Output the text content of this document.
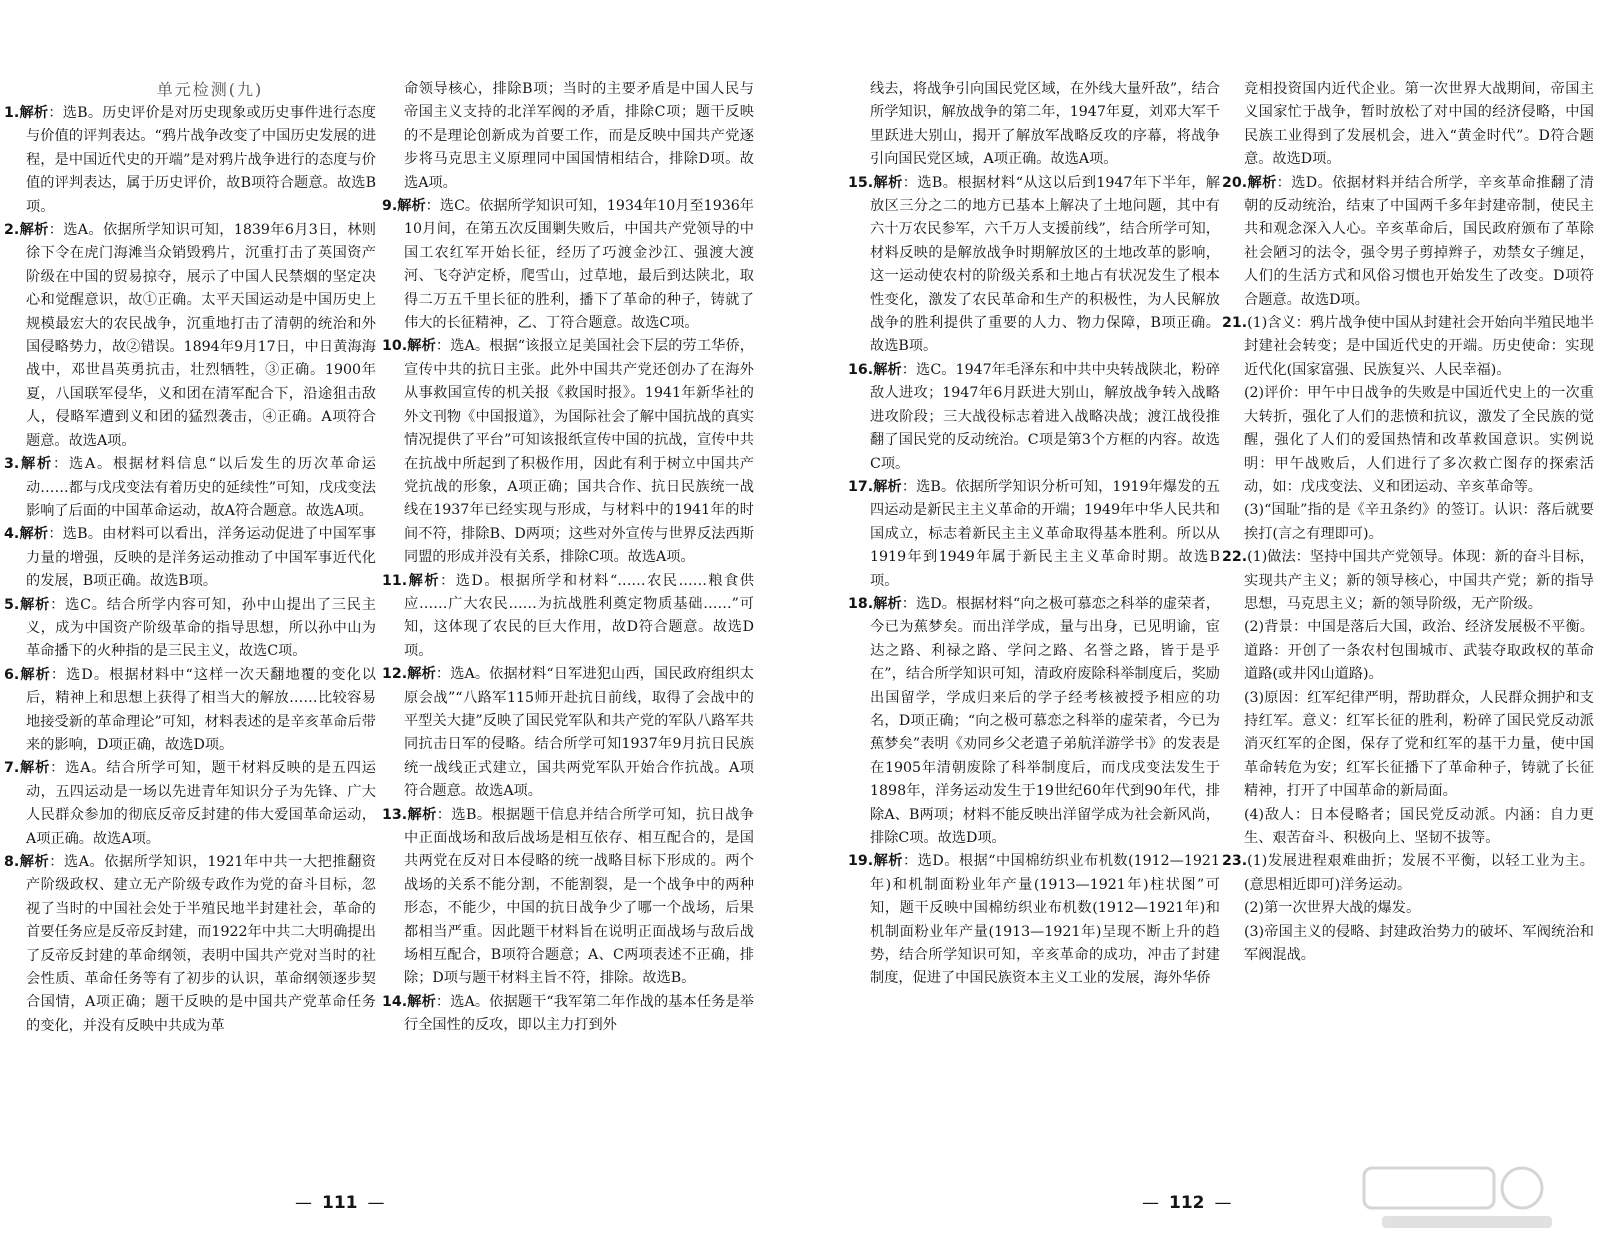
单元检测(九)

1.解析：选B。历史评价是对历史现象或历史事件进行态度与价值的评判表达。“鸦片战争改变了中国历史发展的进程，是中国近代史的开端”是对鸦片战争进行的态度与价值的评判表达，属于历史评价，故B项符合题意。故选B项。

2.解析：选A。依据所学知识可知，1839年6月3日，林则徐下令在虎门海滩当众销毁鸦片，沉重打击了英国资产阶级在中国的贸易掠夺，展示了中国人民禁烟的坚定决心和觉醒意识，故①正确。太平天国运动是中国历史上规模最宏大的农民战争，沉重地打击了清朝的统治和外国侵略势力，故②错误。1894年9月17日，中日黄海海战中，邓世昌英勇抗击，壮烈牺牲，③正确。1900年夏，八国联军侵华，义和团在清军配合下，沿途狙击敌人，侵略军遭到义和团的猛烈袭击，④正确。A项符合题意。故选A项。

3.解析：选A。根据材料信息“以后发生的历次革命运动……都与戊戌变法有着历史的延续性”可知，戊戌变法影响了后面的中国革命运动，故A符合题意。故选A项。

4.解析：选B。由材料可以看出，洋务运动促进了中国军事力量的增强，反映的是洋务运动推动了中国军事近代化的发展，B项正确。故选B项。

5.解析：选C。结合所学内容可知，孙中山提出了三民主义，成为中国资产阶级革命的指导思想，所以孙中山为革命播下的火种指的是三民主义，故选C项。

6.解析：选D。根据材料中“这样一次天翻地覆的变化以后，精神上和思想上获得了相当大的解放……比较容易地接受新的革命理论”可知，材料表述的是辛亥革命后带来的影响，D项正确，故选D项。

7.解析：选A。结合所学可知，题干材料反映的是五四运动，五四运动是一场以先进青年知识分子为先锋、广大人民群众参加的彻底反帝反封建的伟大爱国革命运动，A项正确。故选A项。

8.解析：选A。依据所学知识，1921年中共一大把推翻资产阶级政权、建立无产阶级专政作为党的奋斗目标，忽视了当时的中国社会处于半殖民地半封建社会，革命的首要任务应是反帝反封建，而1922年中共二大明确提出了反帝反封建的革命纲领，表明中国共产党对当时的社会性质、革命任务等有了初步的认识，革命纲领逐步契合国情，A项正确；题干反映的是中国共产党革命任务的变化，并没有反映中共成为革

命领导核心，排除B项；当时的主要矛盾是中国人民与帝国主义支持的北洋军阀的矛盾，排除C项；题干反映的不是理论创新成为首要工作，而是反映中国共产党逐步将马克思主义原理同中国国情相结合，排除D项。故选A项。

9.解析：选C。依据所学知识可知，1934年10月至1936年10月间，在第五次反围剿失败后，中国共产党领导的中国工农红军开始长征，经历了巧渡金沙江、强渡大渡河、飞夺泸定桥，爬雪山，过草地，最后到达陕北，取得二万五千里长征的胜利，播下了革命的种子，铸就了伟大的长征精神，乙、丁符合题意。故选C项。

10.解析：选A。根据“该报立足美国社会下层的劳工华侨，宣传中共的抗日主张。此外中国共产党还创办了在海外从事救国宣传的机关报《救国时报》。1941年新华社的外文刊物《中国报道》，为国际社会了解中国抗战的真实情况提供了平台”可知该报纸宣传中国的抗战，宣传中共在抗战中所起到了积极作用，因此有利于树立中国共产党抗战的形象，A项正确；国共合作、抗日民族统一战线在1937年已经实现与形成，与材料中的1941年的时间不符，排除B、D两项；这些对外宣传与世界反法西斯同盟的形成并没有关系，排除C项。故选A项。

11.解析：选D。根据所学和材料“……农民……粮食供应……广大农民……为抗战胜利奠定物质基础……”可知，这体现了农民的巨大作用，故D符合题意。故选D项。

12.解析：选A。依据材料“日军进犯山西，国民政府组织太原会战”“八路军115师开赴抗日前线，取得了会战中的平型关大捷”反映了国民党军队和共产党的军队八路军共同抗击日军的侵略。结合所学可知1937年9月抗日民族统一战线正式建立，国共两党军队开始合作抗战。A项符合题意。故选A项。

13.解析：选B。根据题干信息并结合所学可知，抗日战争中正面战场和敌后战场是相互依存、相互配合的，是国共两党在反对日本侵略的统一战略目标下形成的。两个战场的关系不能分割，不能割裂，是一个战争中的两种形态，不能少，中国的抗日战争少了哪一个战场，后果都相当严重。因此题干材料旨在说明正面战场与敌后战场相互配合，B项符合题意；A、C两项表述不正确，排除；D项与题干材料主旨不符，排除。故选B。

14.解析：选A。依据题干“我军第二年作战的基本任务是举行全国性的反攻，即以主力打到外

线去，将战争引向国民党区域，在外线大量歼敌”，结合所学知识，解放战争的第二年，1947年夏，刘邓大军千里跃进大别山，揭开了解放军战略反攻的序幕，将战争引向国民党区域，A项正确。故选A项。

15.解析：选B。根据材料“从这以后到1947年下半年，解放区三分之二的地方已基本上解决了土地问题，其中有六十万农民参军，六千万人支援前线”，结合所学可知，材料反映的是解放战争时期解放区的土地改革的影响，这一运动使农村的阶级关系和土地占有状况发生了根本性变化，激发了农民革命和生产的积极性，为人民解放战争的胜利提供了重要的人力、物力保障，B项正确。故选B项。

16.解析：选C。1947年毛泽东和中共中央转战陕北，粉碎敌人进攻；1947年6月跃进大别山，解放战争转入战略进攻阶段；三大战役标志着进入战略决战；渡江战役推翻了国民党的反动统治。C项是第3个方框的内容。故选C项。

17.解析：选B。依据所学知识分析可知，1919年爆发的五四运动是新民主主义革命的开端；1949年中华人民共和国成立，标志着新民主主义革命取得基本胜利。所以从1919年到1949年属于新民主主义革命时期。故选B项。

18.解析：选D。根据材料“向之极可慕恋之科举的虚荣者，今已为蕉梦矣。而出洋学成，量与出身，已见明谕，宦达之路、利禄之路、学问之路、名誉之路，皆于是乎在”，结合所学知识可知，清政府废除科举制度后，奖励出国留学，学成归来后的学子经考核被授予相应的功名，D项正确；“向之极可慕恋之科举的虚荣者，今已为蕉梦矣”表明《劝同乡父老遣子弟航洋游学书》的发表是在1905年清朝废除了科举制度后，而戊戌变法发生于1898年，洋务运动发生于19世纪60年代到90年代，排除A、B两项；材料不能反映出洋留学成为社会新风尚，排除C项。故选D项。

19.解析：选D。根据“中国棉纺织业布机数(1912—1921年)和机制面粉业年产量(1913—1921年)柱状图”可知，题干反映中国棉纺织业布机数(1912—1921年)和机制面粉业年产量(1913—1921年)呈现不断上升的趋势，结合所学知识可知，辛亥革命的成功，冲击了封建制度，促进了中国民族资本主义工业的发展，海外华侨

竞相投资国内近代企业。第一次世界大战期间，帝国主义国家忙于战争，暂时放松了对中国的经济侵略，中国民族工业得到了发展机会，进入“黄金时代”。D符合题意。故选D项。

20.解析：选D。依据材料并结合所学，辛亥革命推翻了清朝的反动统治，结束了中国两千多年封建帝制，使民主共和观念深入人心。辛亥革命后，国民政府颁布了革除社会陋习的法令，强令男子剪掉辫子，劝禁女子缠足，人们的生活方式和风俗习惯也开始发生了改变。D项符合题意。故选D项。

21.(1)含义：鸦片战争使中国从封建社会开始向半殖民地半封建社会转变；是中国近代史的开端。历史使命：实现近代化(国家富强、民族复兴、人民幸福)。

(2)评价：甲午中日战争的失败是中国近代史上的一次重大转折，强化了人们的悲愤和抗议，激发了全民族的觉醒，强化了人们的爱国热情和改革救国意识。实例说明：甲午战败后，人们进行了多次救亡图存的探索活动，如：戊戌变法、义和团运动、辛亥革命等。

(3)“国耻”指的是《辛丑条约》的签订。认识：落后就要挨打(言之有理即可)。

22.(1)做法：坚持中国共产党领导。体现：新的奋斗目标，实现共产主义；新的领导核心，中国共产党；新的指导思想，马克思主义；新的领导阶级，无产阶级。

(2)背景：中国是落后大国，政治、经济发展极不平衡。道路：开创了一条农村包围城市、武装夺取政权的革命道路(或井冈山道路)。

(3)原因：红军纪律严明，帮助群众，人民群众拥护和支持红军。意义：红军长征的胜利，粉碎了国民党反动派消灭红军的企图，保存了党和红军的基干力量，使中国革命转危为安；红军长征播下了革命种子，铸就了长征精神，打开了中国革命的新局面。

(4)敌人：日本侵略者；国民党反动派。内涵：自力更生、艰苦奋斗、积极向上、坚韧不拔等。

23.(1)发展进程艰难曲折；发展不平衡，以轻工业为主。(意思相近即可)洋务运动。

(2)第一次世界大战的爆发。

(3)帝国主义的侵略、封建政治势力的破坏、军阀统治和军阀混战。

— 111 —	— 112 —
